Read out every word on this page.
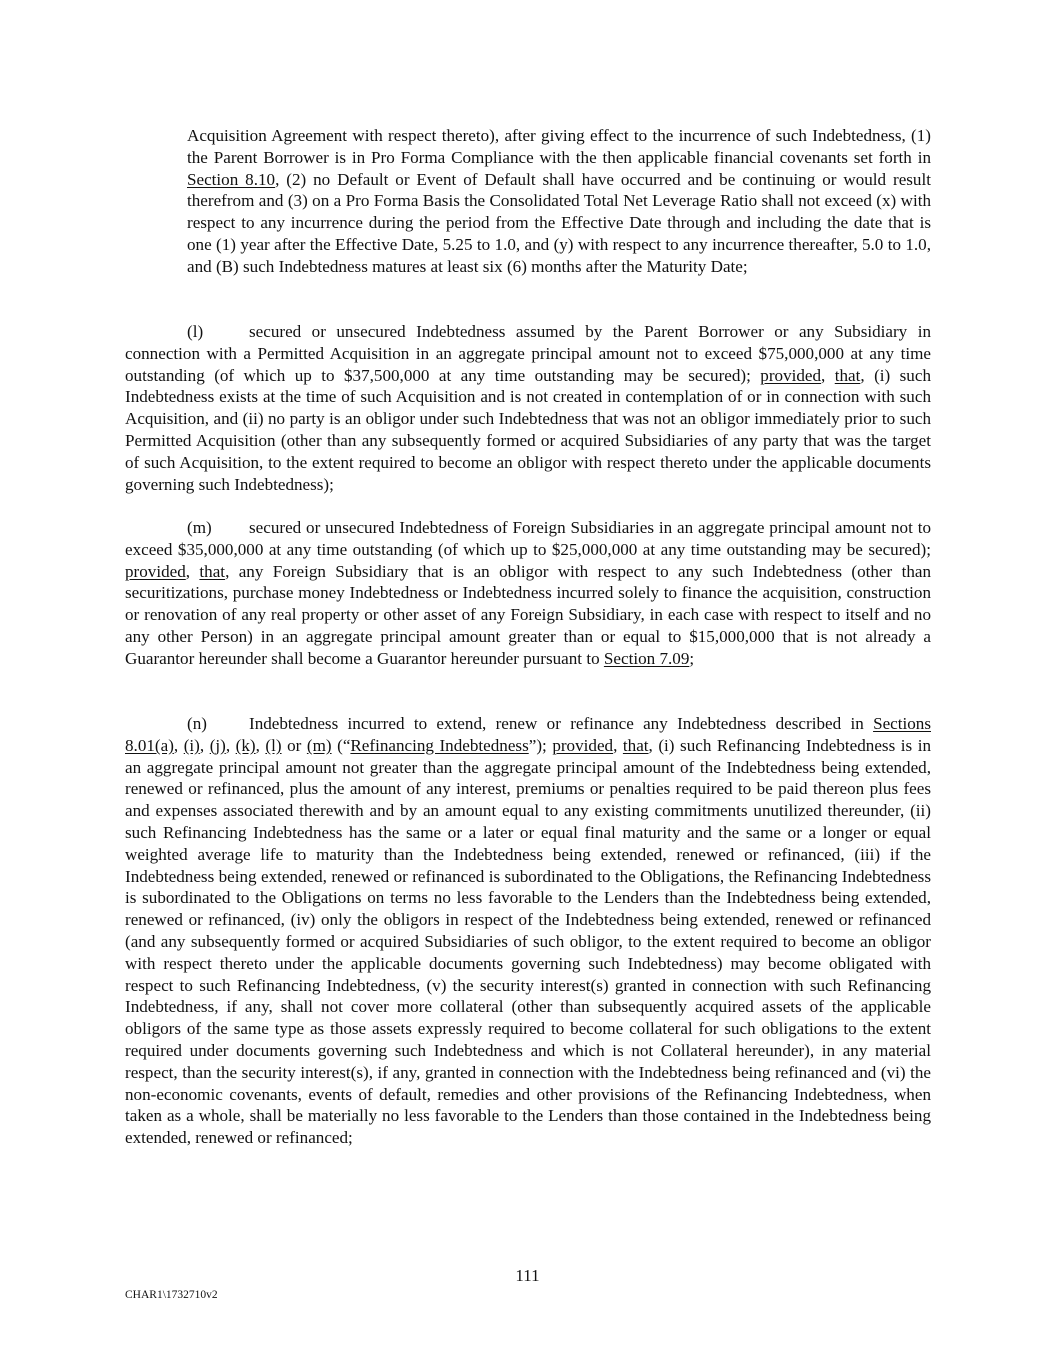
Acquisition Agreement with respect thereto), after giving effect to the incurrence of such Indebtedness, (1) the Parent Borrower is in Pro Forma Compliance with the then applicable financial covenants set forth in Section 8.10, (2) no Default or Event of Default shall have occurred and be continuing or would result therefrom and (3) on a Pro Forma Basis the Consolidated Total Net Leverage Ratio shall not exceed (x) with respect to any incurrence during the period from the Effective Date through and including the date that is one (1) year after the Effective Date, 5.25 to 1.0, and (y) with respect to any incurrence thereafter, 5.0 to 1.0, and (B) such Indebtedness matures at least six (6) months after the Maturity Date;

(l)	secured or unsecured Indebtedness assumed by the Parent Borrower or any Subsidiary in connection with a Permitted Acquisition in an aggregate principal amount not to exceed $75,000,000 at any time outstanding (of which up to $37,500,000 at any time outstanding may be secured); provided, that, (i) such Indebtedness exists at the time of such Acquisition and is not created in contemplation of or in connection with such Acquisition, and (ii) no party is an obligor under such Indebtedness that was not an obligor immediately prior to such Permitted Acquisition (other than any subsequently formed or acquired Subsidiaries of any party that was the target of such Acquisition, to the extent required to become an obligor with respect thereto under the applicable documents governing such Indebtedness);

(m) secured or unsecured Indebtedness of Foreign Subsidiaries in an aggregate principal amount not to exceed $35,000,000 at any time outstanding (of which up to $25,000,000 at any time outstanding may be secured); provided, that, any Foreign Subsidiary that is an obligor with respect to any such Indebtedness (other than securitizations, purchase money Indebtedness or Indebtedness incurred solely to finance the acquisition, construction or renovation of any real property or other asset of any Foreign Subsidiary, in each case with respect to itself and no any other Person) in an aggregate principal amount greater than or equal to $15,000,000 that is not already a Guarantor hereunder shall become a Guarantor hereunder pursuant to Section 7.09;

(n) Indebtedness incurred to extend, renew or refinance any Indebtedness described in Sections 8.01(a), (i), (j), (k), (l) or (m) (“Refinancing Indebtedness”); provided, that, (i) such Refinancing Indebtedness is in an aggregate principal amount not greater than the aggregate principal amount of the Indebtedness being extended, renewed or refinanced, plus the amount of any interest, premiums or penalties required to be paid thereon plus fees and expenses associated therewith and by an amount equal to any existing commitments unutilized thereunder, (ii) such Refinancing Indebtedness has the same or a later or equal final maturity and the same or a longer or equal weighted average life to maturity than the Indebtedness being extended, renewed or refinanced, (iii) if the Indebtedness being extended, renewed or refinanced is subordinated to the Obligations, the Refinancing Indebtedness is subordinated to the Obligations on terms no less favorable to the Lenders than the Indebtedness being extended, renewed or refinanced, (iv) only the obligors in respect of the Indebtedness being extended, renewed or refinanced (and any subsequently formed or acquired Subsidiaries of such obligor, to the extent required to become an obligor with respect thereto under the applicable documents governing such Indebtedness) may become obligated with respect to such Refinancing Indebtedness, (v) the security interest(s) granted in connection with such Refinancing Indebtedness, if any, shall not cover more collateral (other than subsequently acquired assets of the applicable obligors of the same type as those assets expressly required to become collateral for such obligations to the extent required under documents governing such Indebtedness and which is not Collateral hereunder), in any material respect, than the security interest(s), if any, granted in connection with the Indebtedness being refinanced and (vi) the non-economic covenants, events of default, remedies and other provisions of the Refinancing Indebtedness, when taken as a whole, shall be materially no less favorable to the Lenders than those contained in the Indebtedness being extended, renewed or refinanced;

111
CHAR1\1732710v2
